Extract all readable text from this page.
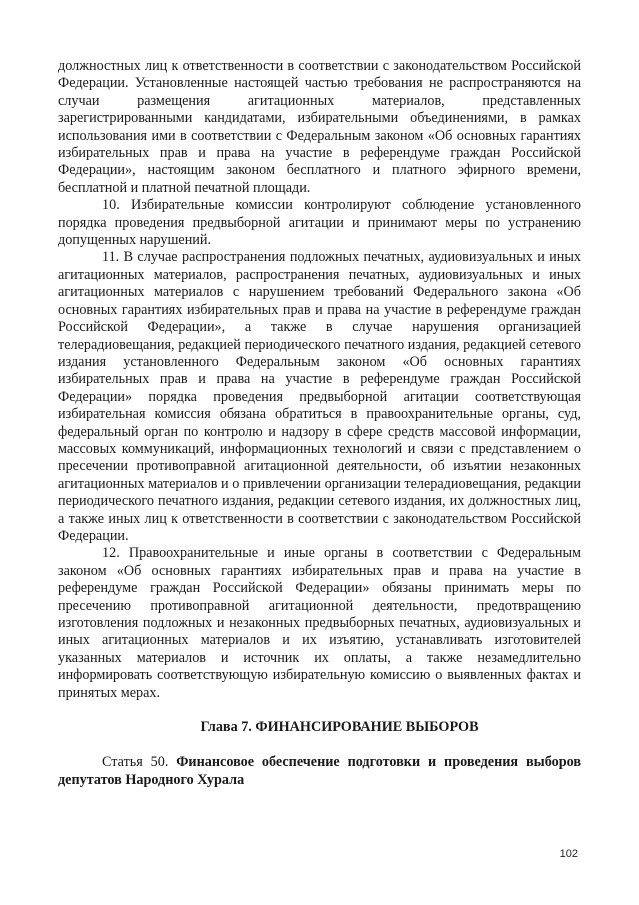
должностных лиц к ответственности в соответствии с законодательством Российской Федерации. Установленные настоящей частью требования не распространяются на случаи размещения агитационных материалов, представленных зарегистрированными кандидатами, избирательными объединениями, в рамках использования ими в соответствии с Федеральным законом «Об основных гарантиях избирательных прав и права на участие в референдуме граждан Российской Федерации», настоящим законом бесплатного и платного эфирного времени, бесплатной и платной печатной площади.

10. Избирательные комиссии контролируют соблюдение установленного порядка проведения предвыборной агитации и принимают меры по устранению допущенных нарушений.

11. В случае распространения подложных печатных, аудиовизуальных и иных агитационных материалов, распространения печатных, аудиовизуальных и иных агитационных материалов с нарушением требований Федерального закона «Об основных гарантиях избирательных прав и права на участие в референдуме граждан Российской Федерации», а также в случае нарушения организацией телерадиовещания, редакцией периодического печатного издания, редакцией сетевого издания установленного Федеральным законом «Об основных гарантиях избирательных прав и права на участие в референдуме граждан Российской Федерации» порядка проведения предвыборной агитации соответствующая избирательная комиссия обязана обратиться в правоохранительные органы, суд, федеральный орган по контролю и надзору в сфере средств массовой информации, массовых коммуникаций, информационных технологий и связи с представлением о пресечении противоправной агитационной деятельности, об изъятии незаконных агитационных материалов и о привлечении организации телерадиовещания, редакции периодического печатного издания, редакции сетевого издания, их должностных лиц, а также иных лиц к ответственности в соответствии с законодательством Российской Федерации.

12. Правоохранительные и иные органы в соответствии с Федеральным законом «Об основных гарантиях избирательных прав и права на участие в референдуме граждан Российской Федерации» обязаны принимать меры по пресечению противоправной агитационной деятельности, предотвращению изготовления подложных и незаконных предвыборных печатных, аудиовизуальных и иных агитационных материалов и их изъятию, устанавливать изготовителей указанных материалов и источник их оплаты, а также незамедлительно информировать соответствующую избирательную комиссию о выявленных фактах и принятых мерах.

Глава 7. ФИНАНСИРОВАНИЕ ВЫБОРОВ

Статья 50. Финансовое обеспечение подготовки и проведения выборов депутатов Народного Хурала

102
